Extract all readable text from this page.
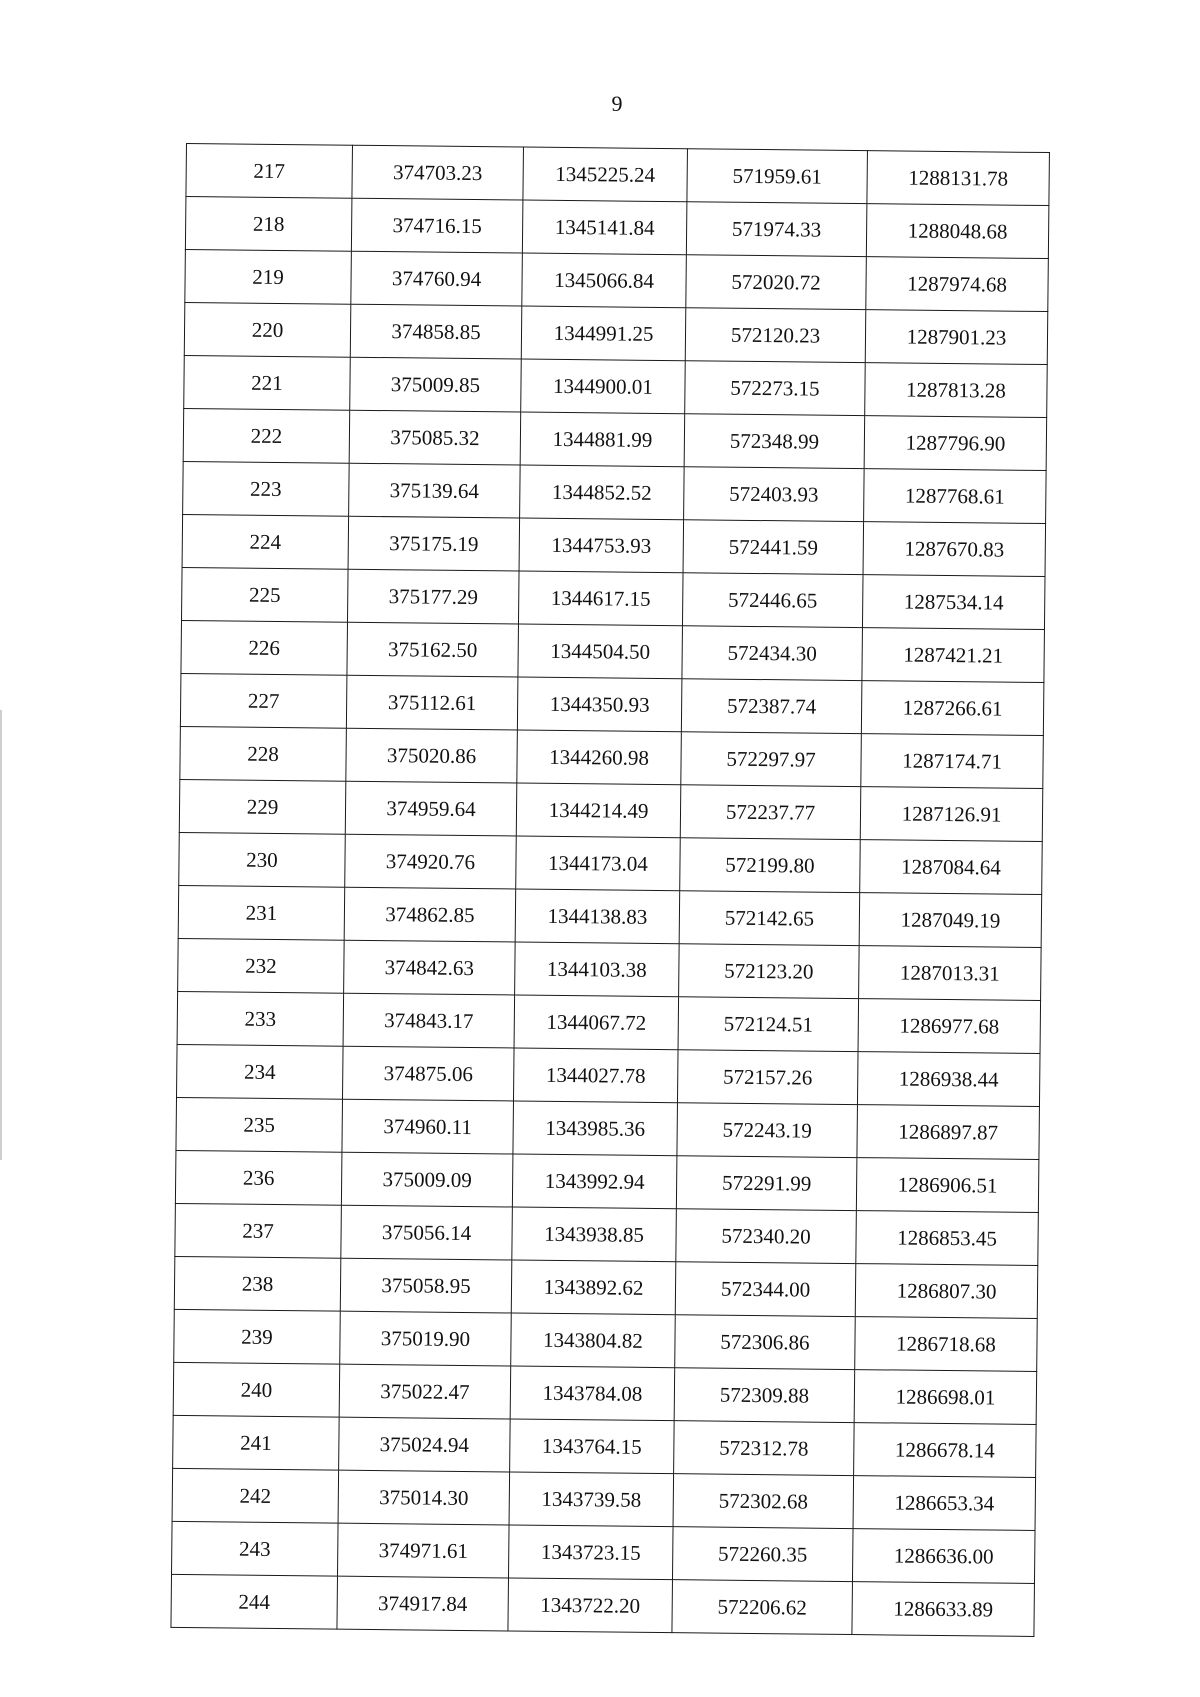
9
217	374703.23	1345225.24	571959.61	1288131.78
218	374716.15	1345141.84	571974.33	1288048.68
219	374760.94	1345066.84	572020.72	1287974.68
220	374858.85	1344991.25	572120.23	1287901.23
221	375009.85	1344900.01	572273.15	1287813.28
222	375085.32	1344881.99	572348.99	1287796.90
223	375139.64	1344852.52	572403.93	1287768.61
224	375175.19	1344753.93	572441.59	1287670.83
225	375177.29	1344617.15	572446.65	1287534.14
226	375162.50	1344504.50	572434.30	1287421.21
227	375112.61	1344350.93	572387.74	1287266.61
228	375020.86	1344260.98	572297.97	1287174.71
229	374959.64	1344214.49	572237.77	1287126.91
230	374920.76	1344173.04	572199.80	1287084.64
231	374862.85	1344138.83	572142.65	1287049.19
232	374842.63	1344103.38	572123.20	1287013.31
233	374843.17	1344067.72	572124.51	1286977.68
234	374875.06	1344027.78	572157.26	1286938.44
235	374960.11	1343985.36	572243.19	1286897.87
236	375009.09	1343992.94	572291.99	1286906.51
237	375056.14	1343938.85	572340.20	1286853.45
238	375058.95	1343892.62	572344.00	1286807.30
239	375019.90	1343804.82	572306.86	1286718.68
240	375022.47	1343784.08	572309.88	1286698.01
241	375024.94	1343764.15	572312.78	1286678.14
242	375014.30	1343739.58	572302.68	1286653.34
243	374971.61	1343723.15	572260.35	1286636.00
244	374917.84	1343722.20	572206.62	1286633.89
